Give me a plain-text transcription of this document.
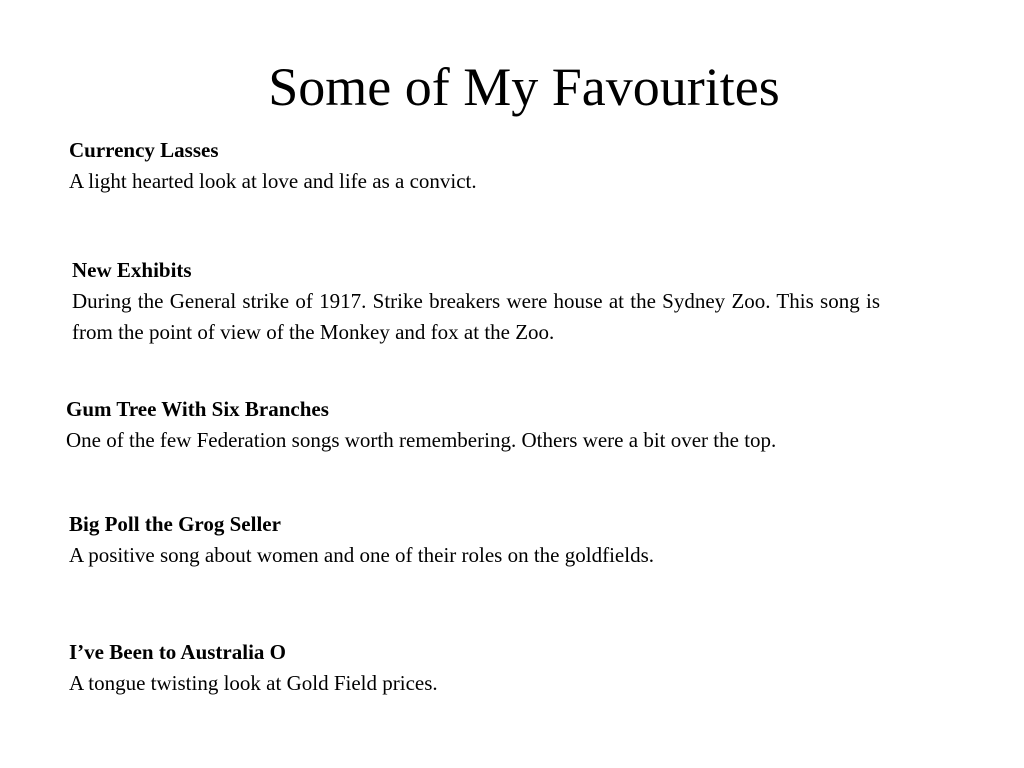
Some of My Favourites
Currency Lasses
A light hearted look at love and life as a convict.
New Exhibits
During the General strike of 1917. Strike breakers were house at the Sydney Zoo. This song is from the point of view of the Monkey and fox at the Zoo.
Gum Tree With Six Branches
One of the few Federation songs worth remembering. Others were a bit over the top.
Big Poll the Grog Seller
A positive song about women and one of their roles on the goldfields.
I’ve Been to Australia O
A tongue twisting look at Gold Field prices.
